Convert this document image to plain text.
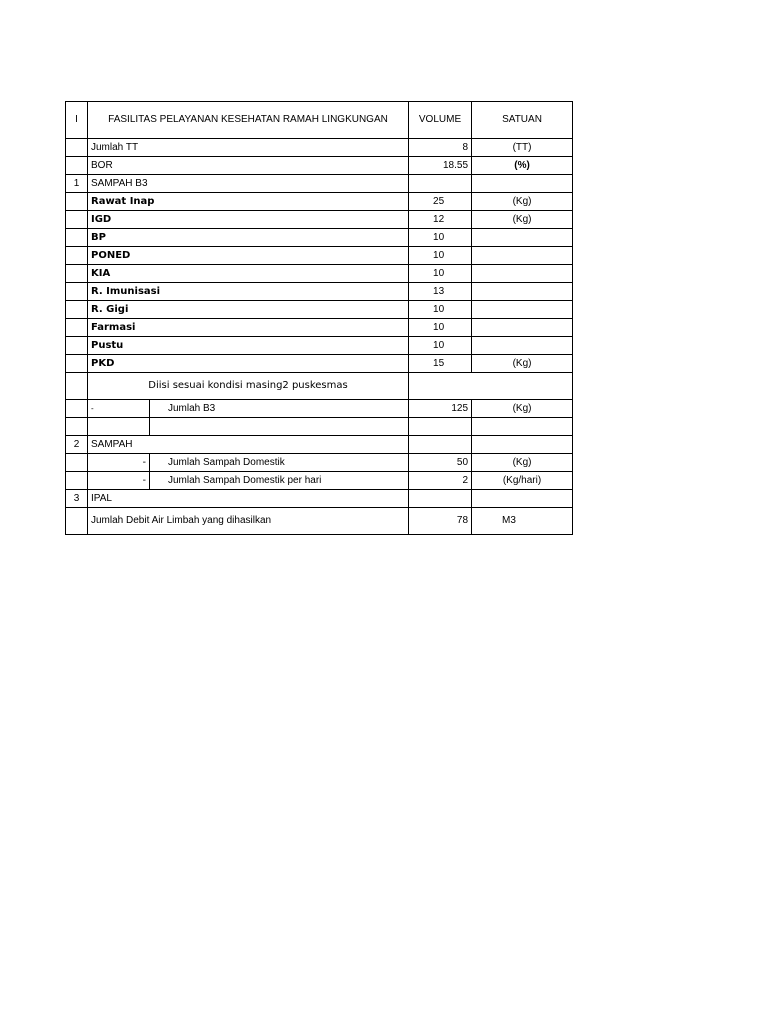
I	FASILITAS PELAYANAN KESEHATAN RAMAH LINGKUNGAN		VOLUME	SATUAN
	Jumlah TT		8	(TT)
	BOR		18.55	(%)
1	SAMPAH B3			
	Rawat Inap		25	(Kg)
	IGD		12	(Kg)
	BP		10	
	PONED		10	
	KIA		10	
	R. Imunisasi		13	
	R. Gigi		10	
	Farmasi		10	
	Pustu		10	
	PKD		15	(Kg)
	Diisi sesuai kondisi masing2 puskesmas			
	-	Jumlah B3	125	(Kg)

2	SAMPAH			
	-	Jumlah Sampah Domestik	50	(Kg)
	-	Jumlah Sampah Domestik per hari	2	(Kg/hari)
3	IPAL			
	Jumlah Debit Air Limbah yang dihasilkan		78	M3
